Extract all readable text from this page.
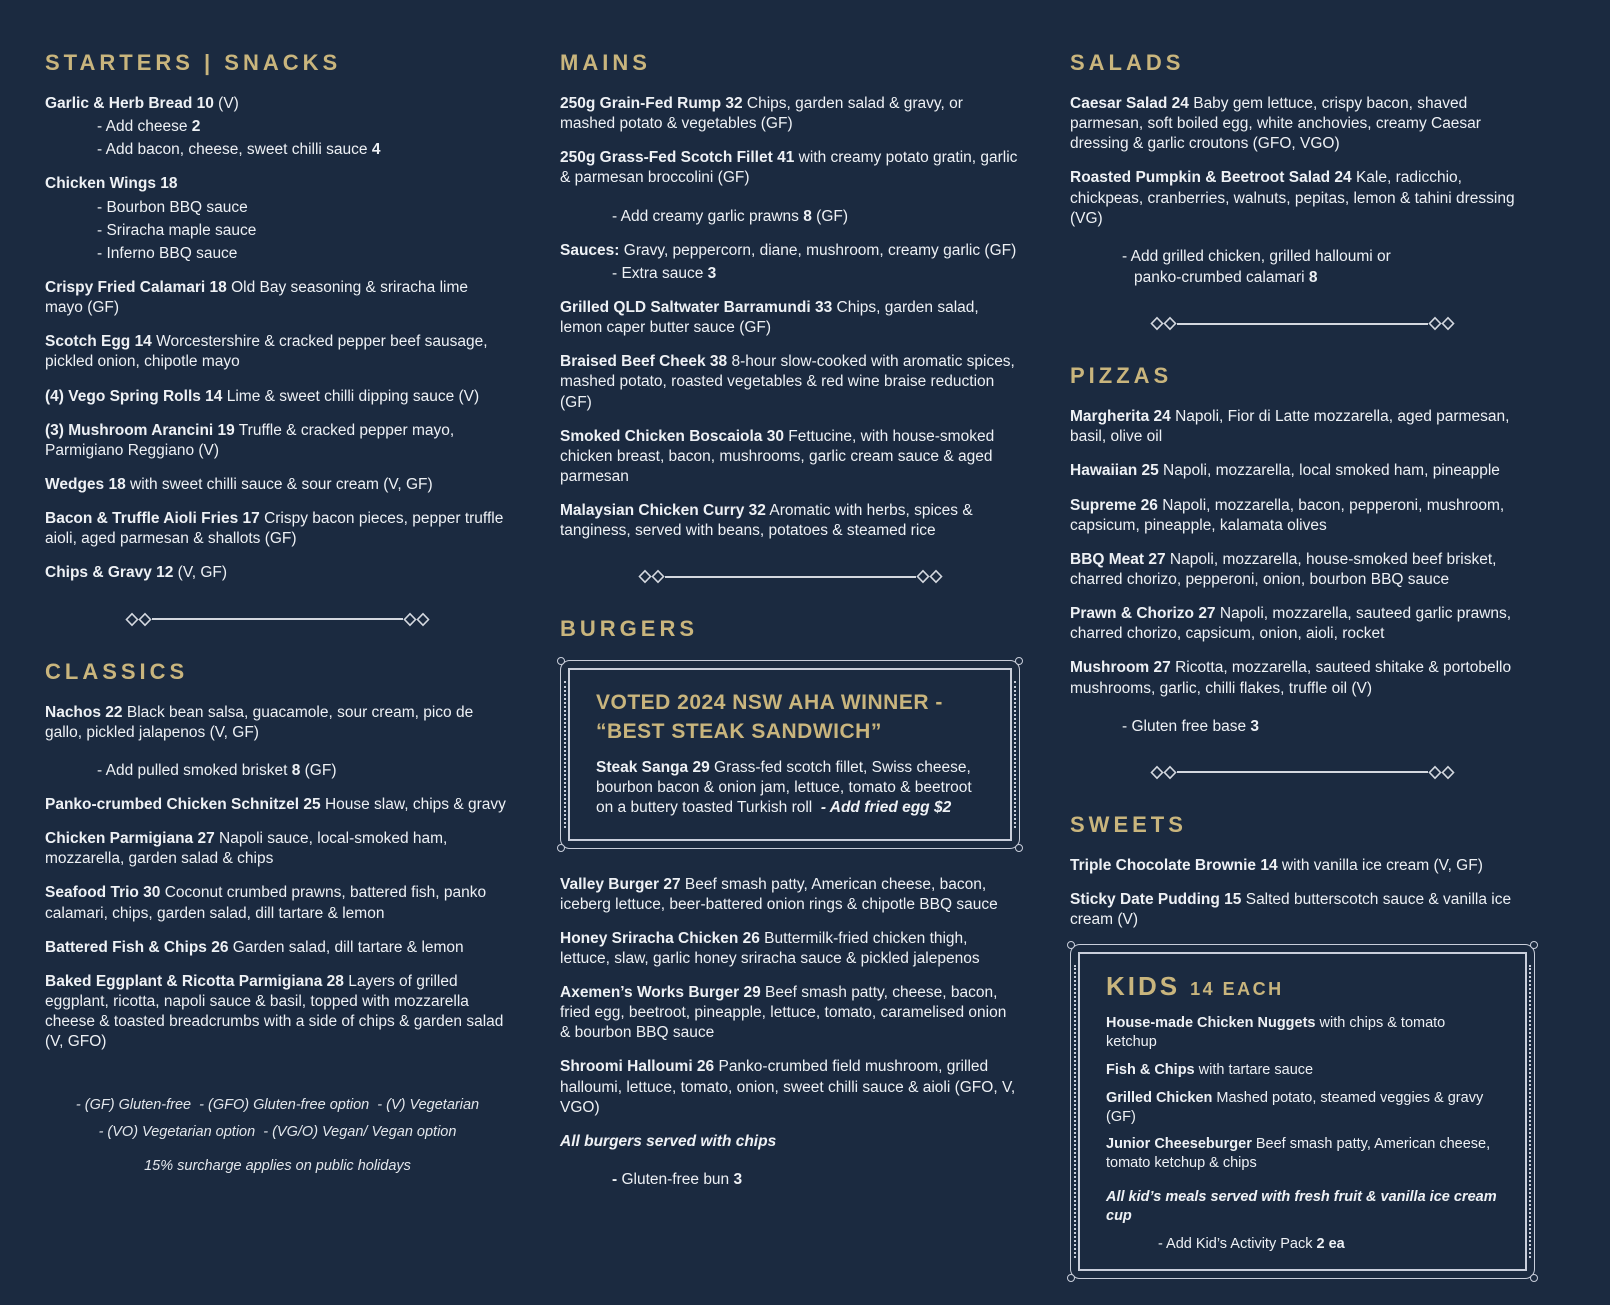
STARTERS | SNACKS
Garlic & Herb Bread 10 (V)
- Add cheese 2
- Add bacon, cheese, sweet chilli sauce 4
Chicken Wings 18
- Bourbon BBQ sauce
- Sriracha maple sauce
- Inferno BBQ sauce
Crispy Fried Calamari 18 Old Bay seasoning & sriracha lime mayo (GF)
Scotch Egg 14 Worcestershire & cracked pepper beef sausage, pickled onion, chipotle mayo
(4) Vego Spring Rolls 14 Lime & sweet chilli dipping sauce (V)
(3) Mushroom Arancini 19 Truffle & cracked pepper mayo, Parmigiano Reggiano (V)
Wedges 18 with sweet chilli sauce & sour cream (V, GF)
Bacon & Truffle Aioli Fries 17 Crispy bacon pieces, pepper truffle aioli, aged parmesan & shallots (GF)
Chips & Gravy 12 (V, GF)
CLASSICS
Nachos 22 Black bean salsa, guacamole, sour cream, pico de gallo, pickled jalapenos (V, GF)
- Add pulled smoked brisket 8 (GF)
Panko-crumbed Chicken Schnitzel 25 House slaw, chips & gravy
Chicken Parmigiana 27 Napoli sauce, local-smoked ham, mozzarella, garden salad & chips
Seafood Trio 30 Coconut crumbed prawns, battered fish, panko calamari, chips, garden salad, dill tartare & lemon
Battered Fish & Chips 26 Garden salad, dill tartare & lemon
Baked Eggplant & Ricotta Parmigiana 28 Layers of grilled eggplant, ricotta, napoli sauce & basil, topped with mozzarella cheese & toasted breadcrumbs with a side of chips & garden salad (V, GFO)
- (GF) Gluten-free  - (GFO) Gluten-free option  - (V) Vegetarian
- (VO) Vegetarian option  - (VG/O) Vegan/ Vegan option
15% surcharge applies on public holidays
MAINS
250g Grain-Fed Rump 32 Chips, garden salad & gravy, or mashed potato & vegetables (GF)
250g Grass-Fed Scotch Fillet 41 with creamy potato gratin, garlic & parmesan broccolini (GF)
- Add creamy garlic prawns 8 (GF)
Sauces: Gravy, peppercorn, diane, mushroom, creamy garlic (GF)
- Extra sauce 3
Grilled QLD Saltwater Barramundi 33 Chips, garden salad, lemon caper butter sauce (GF)
Braised Beef Cheek 38 8-hour slow-cooked with aromatic spices, mashed potato, roasted vegetables & red wine braise reduction (GF)
Smoked Chicken Boscaiola 30 Fettucine, with house-smoked chicken breast, bacon, mushrooms, garlic cream sauce & aged parmesan
Malaysian Chicken Curry 32 Aromatic with herbs, spices & tanginess, served with beans, potatoes & steamed rice
BURGERS
VOTED 2024 NSW AHA WINNER -
“BEST STEAK SANDWICH”
Steak Sanga 29 Grass-fed scotch fillet, Swiss cheese, bourbon bacon & onion jam, lettuce, tomato & beetroot on a buttery toasted Turkish roll  - Add fried egg $2
Valley Burger 27 Beef smash patty, American cheese, bacon, iceberg lettuce, beer-battered onion rings & chipotle BBQ sauce
Honey Sriracha Chicken 26 Buttermilk-fried chicken thigh, lettuce, slaw, garlic honey sriracha sauce & pickled jalepenos
Axemen’s Works Burger 29 Beef smash patty, cheese, bacon, fried egg, beetroot, pineapple, lettuce, tomato, caramelised onion & bourbon BBQ sauce
Shroomi Halloumi 26 Panko-crumbed field mushroom, grilled halloumi, lettuce, tomato, onion, sweet chilli sauce & aioli (GFO, V, VGO)
All burgers served with chips
- Gluten-free bun 3
SALADS
Caesar Salad 24 Baby gem lettuce, crispy bacon, shaved parmesan, soft boiled egg, white anchovies, creamy Caesar dressing & garlic croutons (GFO, VGO)
Roasted Pumpkin & Beetroot Salad 24 Kale, radicchio, chickpeas, cranberries, walnuts, pepitas, lemon & tahini dressing (VG)
- Add grilled chicken, grilled halloumi or
panko-crumbed calamari 8
PIZZAS
Margherita 24 Napoli, Fior di Latte mozzarella, aged parmesan, basil, olive oil
Hawaiian 25 Napoli, mozzarella, local smoked ham, pineapple
Supreme 26 Napoli, mozzarella, bacon, pepperoni, mushroom, capsicum, pineapple, kalamata olives
BBQ Meat 27 Napoli, mozzarella, house-smoked beef brisket, charred chorizo, pepperoni, onion, bourbon BBQ sauce
Prawn & Chorizo 27 Napoli, mozzarella, sauteed garlic prawns, charred chorizo, capsicum, onion, aioli, rocket
Mushroom 27 Ricotta, mozzarella, sauteed shitake & portobello mushrooms, garlic, chilli flakes, truffle oil (V)
- Gluten free base 3
SWEETS
Triple Chocolate Brownie 14 with vanilla ice cream (V, GF)
Sticky Date Pudding 15 Salted butterscotch sauce & vanilla ice cream (V)
KIDS 14 EACH
House-made Chicken Nuggets with chips & tomato ketchup
Fish & Chips with tartare sauce
Grilled Chicken Mashed potato, steamed veggies & gravy (GF)
Junior Cheeseburger Beef smash patty, American cheese, tomato ketchup & chips
All kid’s meals served with fresh fruit & vanilla ice cream cup
- Add Kid’s Activity Pack 2 ea
